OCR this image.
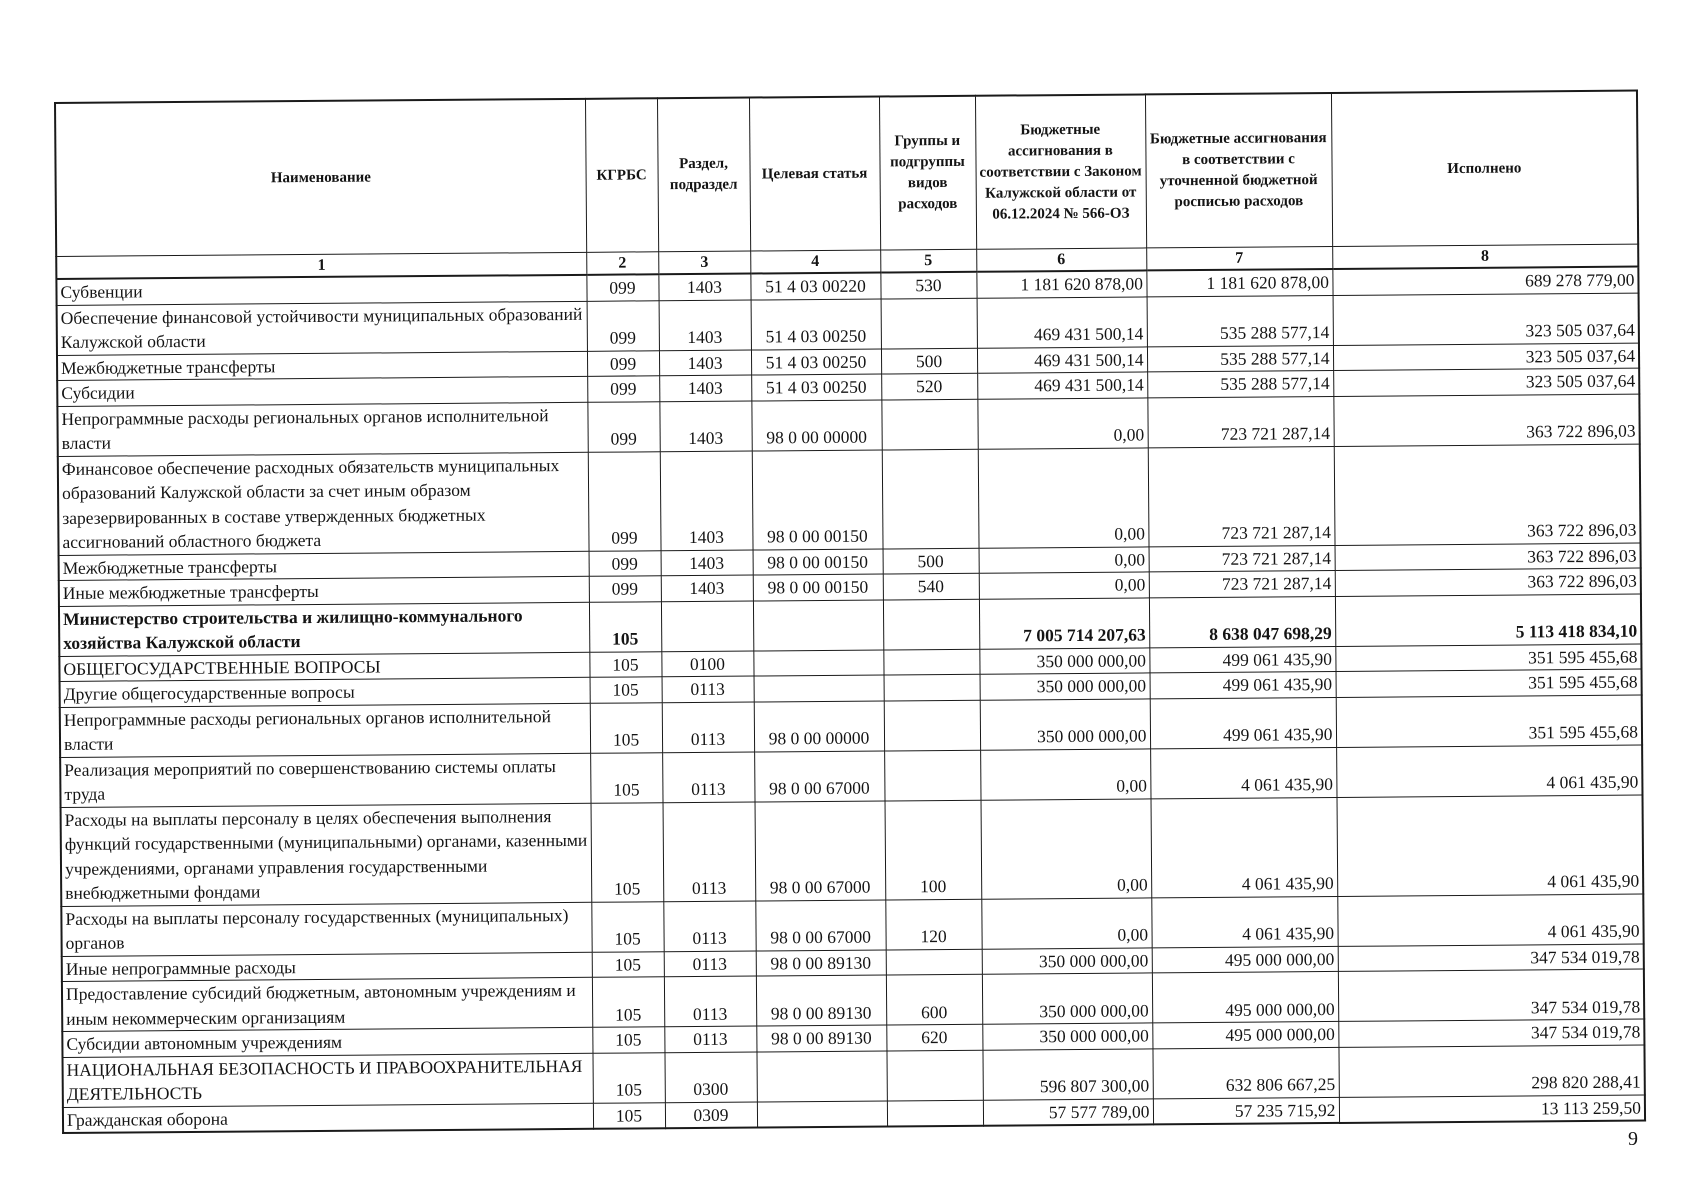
Наименование	КГРБС	Раздел, подраздел	Целевая статья	Группы и подгруппы видов расходов	Бюджетные ассигнования в соответствии с Законом Калужской области от 06.12.2024 № 566-ОЗ	Бюджетные ассигнования в соответствии с уточненной бюджетной росписью расходов	Исполнено
1	2	3	4	5	6	7	8
Субвенции	099	1403	51 4 03 00220	530	1 181 620 878,00	1 181 620 878,00	689 278 779,00
Обеспечение финансовой устойчивости муниципальных образований Калужской области	099	1403	51 4 03 00250		469 431 500,14	535 288 577,14	323 505 037,64
Межбюджетные трансферты	099	1403	51 4 03 00250	500	469 431 500,14	535 288 577,14	323 505 037,64
Субсидии	099	1403	51 4 03 00250	520	469 431 500,14	535 288 577,14	323 505 037,64
Непрограммные расходы региональных органов исполнительной власти	099	1403	98 0 00 00000		0,00	723 721 287,14	363 722 896,03
Финансовое обеспечение расходных обязательств муниципальных образований Калужской области за счет иным образом зарезервированных в составе утвержденных бюджетных ассигнований областного бюджета	099	1403	98 0 00 00150		0,00	723 721 287,14	363 722 896,03
Межбюджетные трансферты	099	1403	98 0 00 00150	500	0,00	723 721 287,14	363 722 896,03
Иные межбюджетные трансферты	099	1403	98 0 00 00150	540	0,00	723 721 287,14	363 722 896,03
Министерство строительства и жилищно-коммунального хозяйства Калужской области	105				7 005 714 207,63	8 638 047 698,29	5 113 418 834,10
ОБЩЕГОСУДАРСТВЕННЫЕ ВОПРОСЫ	105	0100			350 000 000,00	499 061 435,90	351 595 455,68
Другие общегосударственные вопросы	105	0113			350 000 000,00	499 061 435,90	351 595 455,68
Непрограммные расходы региональных органов исполнительной власти	105	0113	98 0 00 00000		350 000 000,00	499 061 435,90	351 595 455,68
Реализация мероприятий по совершенствованию системы оплаты труда	105	0113	98 0 00 67000		0,00	4 061 435,90	4 061 435,90
Расходы на выплаты персоналу в целях обеспечения выполнения функций государственными (муниципальными) органами, казенными учреждениями, органами управления государственными внебюджетными фондами	105	0113	98 0 00 67000	100	0,00	4 061 435,90	4 061 435,90
Расходы на выплаты персоналу государственных (муниципальных) органов	105	0113	98 0 00 67000	120	0,00	4 061 435,90	4 061 435,90
Иные непрограммные расходы	105	0113	98 0 00 89130		350 000 000,00	495 000 000,00	347 534 019,78
Предоставление субсидий бюджетным, автономным учреждениям и иным некоммерческим организациям	105	0113	98 0 00 89130	600	350 000 000,00	495 000 000,00	347 534 019,78
Субсидии автономным учреждениям	105	0113	98 0 00 89130	620	350 000 000,00	495 000 000,00	347 534 019,78
НАЦИОНАЛЬНАЯ БЕЗОПАСНОСТЬ И ПРАВООХРАНИТЕЛЬНАЯ ДЕЯТЕЛЬНОСТЬ	105	0300			596 807 300,00	632 806 667,25	298 820 288,41
Гражданская оборона	105	0309			57 577 789,00	57 235 715,92	13 113 259,50
9
